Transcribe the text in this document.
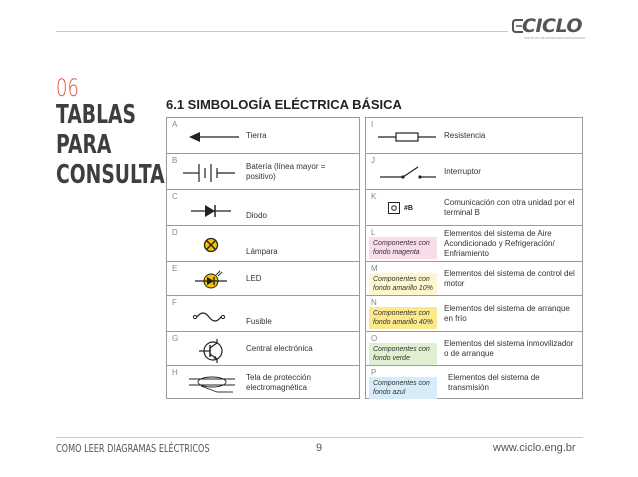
CICLO
INSTITUTO DE ENSEÑANZA PROFESIONAL
06
TABLAS
PARA
CONSULTA
6.1 SIMBOLOGÍA ELÉCTRICA BÁSICA
A
Tierra
B
Batería (línea mayor = positivo)
C
Diodo
D
Lámpara
E
LED
F
Fusible
G
Central electrónica
H
Tela de protección electromagnética
I
Resistencia
J
Interruptor
K
#B
Comunicación con otra unidad por el terminal B
L
Componentes con fondo magenta
Elementos del sistema de Aire Acondicionado y Refrigeración/ Enfriamiento
M
Componentes con fondo amarillo 10%
Elementos del sistema de control del motor
N
Componentes con fondo amarillo 40%
Elementos del sistema de arranque en frío
O
Componentes con fondo verde
Elementos del sistema inmovilizador o de arranque
P
Componentes con fondo azul
Elementos del sistema de transmisión
COMO LEER DIAGRAMAS ELÉCTRICOS	9	www.ciclo.eng.br
